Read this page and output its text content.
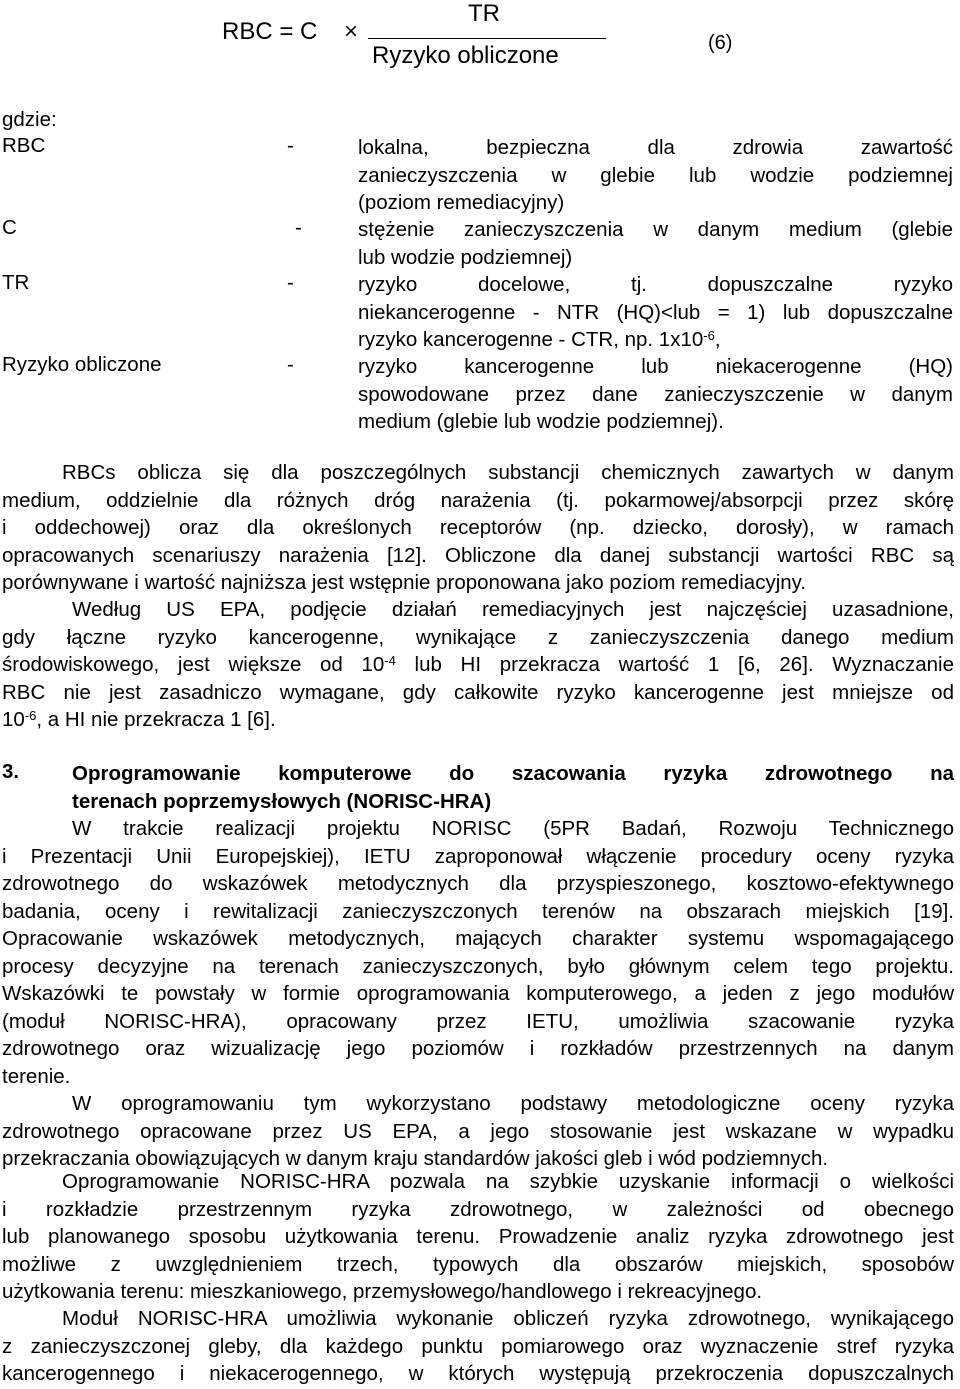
RBC = C ×
TR
Ryzyko obliczone	(6)
gdzie:
RBC	-	lokalna, bezpieczna dla zdrowia zawartość
zanieczyszczenia w glebie lub wodzie podziemnej
(poziom remediacyjny)
C	-	stężenie zanieczyszczenia w danym medium (glebie
lub wodzie podziemnej)
TR	-	ryzyko docelowe, tj. dopuszczalne ryzyko
niekancerogenne - NTR (HQ)<lub = 1) lub dopuszczalne
ryzyko kancerogenne - CTR, np. $1x10^{-6}$,
Ryzyko obliczone	-	ryzyko kancerogenne lub niekacerogenne (HQ)
spowodowane przez dane zanieczyszczenie w danym
medium (glebie lub wodzie podziemnej).
RBCs oblicza się dla poszczególnych substancji chemicznych zawartych w danym
medium, oddzielnie dla różnych dróg narażenia (tj. pokarmowej/absorpcji przez skórę
i oddechowej) oraz dla określonych receptorów (np. dziecko, dorosły), w ramach
opracowanych scenariuszy narażenia [12]. Obliczone dla danej substancji wartości RBC są
porównywane i wartość najniższa jest wstępnie proponowana jako poziom remediacyjny.
Według US EPA, podjęcie działań remediacyjnych jest najczęściej uzasadnione,
gdy łączne ryzyko kancerogenne, wynikające z zanieczyszczenia danego medium
środowiskowego, jest większe od $10^{-4}$ lub HI przekracza wartość 1 [6, 26]. Wyznaczanie
RBC nie jest zasadniczo wymagane, gdy całkowite ryzyko kancerogenne jest mniejsze od
$10^{-6}$, a HI nie przekracza 1 [6].
3.	Oprogramowanie komputerowe do szacowania ryzyka zdrowotnego na
terenach poprzemysłowych (NORISC-HRA)
W trakcie realizacji projektu NORISC (5PR Badań, Rozwoju Technicznego
i Prezentacji Unii Europejskiej), IETU zaproponował włączenie procedury oceny ryzyka
zdrowotnego do wskazówek metodycznych dla przyspieszonego, kosztowo-efektywnego
badania, oceny i rewitalizacji zanieczyszczonych terenów na obszarach miejskich [19].
Opracowanie wskazówek metodycznych, mających charakter systemu wspomagającego
procesy decyzyjne na terenach zanieczyszczonych, było głównym celem tego projektu.
Wskazówki te powstały w formie oprogramowania komputerowego, a jeden z jego modułów
(moduł NORISC-HRA), opracowany przez IETU, umożliwia szacowanie ryzyka
zdrowotnego oraz wizualizację jego poziomów i rozkładów przestrzennych na danym
terenie.
W oprogramowaniu tym wykorzystano podstawy metodologiczne oceny ryzyka
zdrowotnego opracowane przez US EPA, a jego stosowanie jest wskazane w wypadku
przekraczania obowiązujących w danym kraju standardów jakości gleb i wód podziemnych.
Oprogramowanie NORISC-HRA pozwala na szybkie uzyskanie informacji o wielkości
i rozkładzie przestrzennym ryzyka zdrowotnego, w zależności od obecnego
lub planowanego sposobu użytkowania terenu. Prowadzenie analiz ryzyka zdrowotnego jest
możliwe z uwzględnieniem trzech, typowych dla obszarów miejskich, sposobów
użytkowania terenu: mieszkaniowego, przemysłowego/handlowego i rekreacyjnego.
Moduł NORISC-HRA umożliwia wykonanie obliczeń ryzyka zdrowotnego, wynikającego
z zanieczyszczonej gleby, dla każdego punktu pomiarowego oraz wyznaczenie stref ryzyka
kancerogennego i niekacerogennego, w których występują przekroczenia dopuszczalnych
